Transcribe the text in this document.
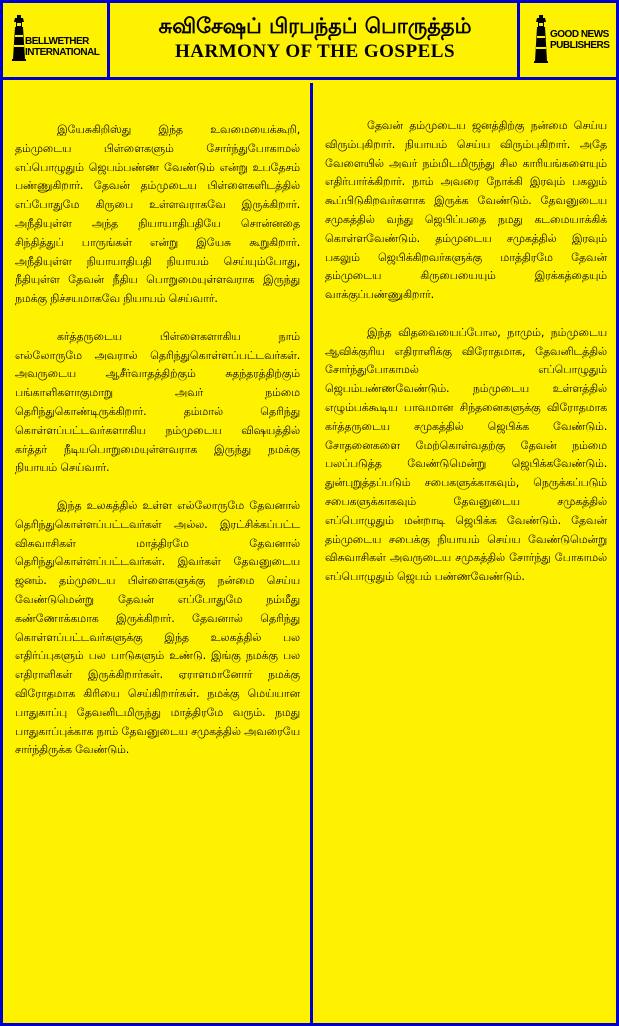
BELLWETHER
INTERNATIONAL
சுவிசேஷப் பிரபந்தப் பொருத்தம்
HARMONY OF THE GOSPELS
GOOD NEWS
PUBLISHERS

இயேசுகிறிஸ்து இந்த உவமையைக்கூறி, தம்முடைய பிள்ளைகளும் சோர்ந்துபோகாமல் எப்பொழுதும் ஜெபம்பண்ண வேண்டும் என்று உபதேசம் பண்ணுகிறார். தேவன் தம்முடைய பிள்ளைகளிடத்தில் எப்போதுமே கிருபை உள்ளவராகவே இருக்கிறார். அநீதியுள்ள அந்த நியாயாதிபதியே சொன்னதை சிந்தித்துப் பாருங்கள் என்று இயேசு கூறுகிறார். அநீதியுள்ள நியாயாதிபதி நியாயம் செய்யும்போது, நீதியுள்ள தேவன் நீதிய பொறுமையுள்ளவராக இருந்து நமக்கு நிச்சயமாகவே நியாயம் செய்வார்.

கர்த்தருடைய பிள்ளைகளாகிய நாம் எல்லோருமே அவரால் தெரிந்துகொள்ளப்பட்டவர்கள். அவருடைய ஆசீர்வாதத்திற்கும் சுதந்தரத்திற்கும் பங்காளிகளாகுமாறு அவர் நம்மை தெரிந்துகொண்டிருக்கிறார். தம்மால் தெரிந்து கொள்ளப்பட்டவர்களாகிய நம்முடைய விஷயத்தில் கர்த்தர் நீடியபொறுமையுள்ளவராக இருந்து நமக்கு நியாயம் செய்வார்.

இந்த உலகத்தில் உள்ள எல்லோருமே தேவனால் தெரிந்துகொள்ளப்பட்டவர்கள் அல்ல. இரட்சிக்கப்பட்ட விசுவாசிகள் மாத்திரமே தேவனால் தெரிந்துகொள்ளப்பட்டவர்கள். இவர்கள் தேவனுடைய ஜனம். தம்முடைய பிள்ளைகளுக்கு நன்மை செய்ய வேண்டுமென்று தேவன் எப்போதுமே நம்மீது கண்ணோக்கமாக இருக்கிறார். தேவனால் தெரிந்து கொள்ளப்பட்டவர்களுக்கு இந்த உலகத்தில் பல எதிர்ப்புகளும் பல பாடுகளும் உண்டு. இங்கு நமக்கு பல எதிராளிகள் இருக்கிறார்கள். ஏராளமானோர் நமக்கு விரோதமாக கிரியை செய்கிறார்கள். நமக்கு மெய்யான பாதுகாப்பு தேவனிடமிருந்து மாத்திரமே வரும். நமது பாதுகாப்புக்காக நாம் தேவனுடைய சமுகத்தில் அவரையே சார்ந்திருக்க வேண்டும்.

தேவன் தம்முடைய ஜனத்திற்கு நன்மை செய்ய விரும்புகிறார். நியாயம் செய்ய விரும்புகிறார். அதே வேளையில் அவர் நம்மிடமிருந்து சில காரியங்களையும் எதிர்பார்க்கிறார். நாம் அவரை நோக்கி இரவும் பகலும் கூப்பிடுகிறவர்களாக இருக்க வேண்டும். தேவனுடைய சமுகத்தில் வந்து ஜெபிப்பதை நமது கடமையாக்கிக் கொள்ளவேண்டும். தம்முடைய சமுகத்தில் இரவும் பகலும் ஜெபிக்கிறவர்களுக்கு மாத்திரமே தேவன் தம்முடைய கிருபையையும் இரக்கத்தையும் வாக்குப்பண்ணுகிறார்.

இந்த விதவையைப்போல, நாமும், நம்முடைய ஆவிக்குரிய எதிராளிக்கு விரோதமாக, தேவனிடத்தில் சோர்ந்துபோகாமல் எப்பொழுதும் ஜெபம்பண்ணவேண்டும். நம்முடைய உள்ளத்தில் எழும்பக்கூடிய பாவமான சிந்தனைகளுக்கு விரோதமாக கர்த்தருடைய சமுகத்தில் ஜெபிக்க வேண்டும். சோதனைகளை மேற்கொள்வதற்கு தேவன் நம்மை பலப்படுத்த வேண்டுமென்று ஜெபிக்கவேண்டும். துன்புறுத்தப்படும் சபைகளுக்காகவும், நெருக்கப்படும் சபைகளுக்காகவும் தேவனுடைய சமுகத்தில் எப்பொழுதும் மன்றாடி ஜெபிக்க வேண்டும். தேவன் தம்முடைய சபைக்கு நியாயம் செய்ய வேண்டுமென்று விசுவாசிகள் அவருடைய சமுகத்தில் சோர்ந்து போகாமல் எப்பொழுதும் ஜெபம் பண்ணவேண்டும்.
